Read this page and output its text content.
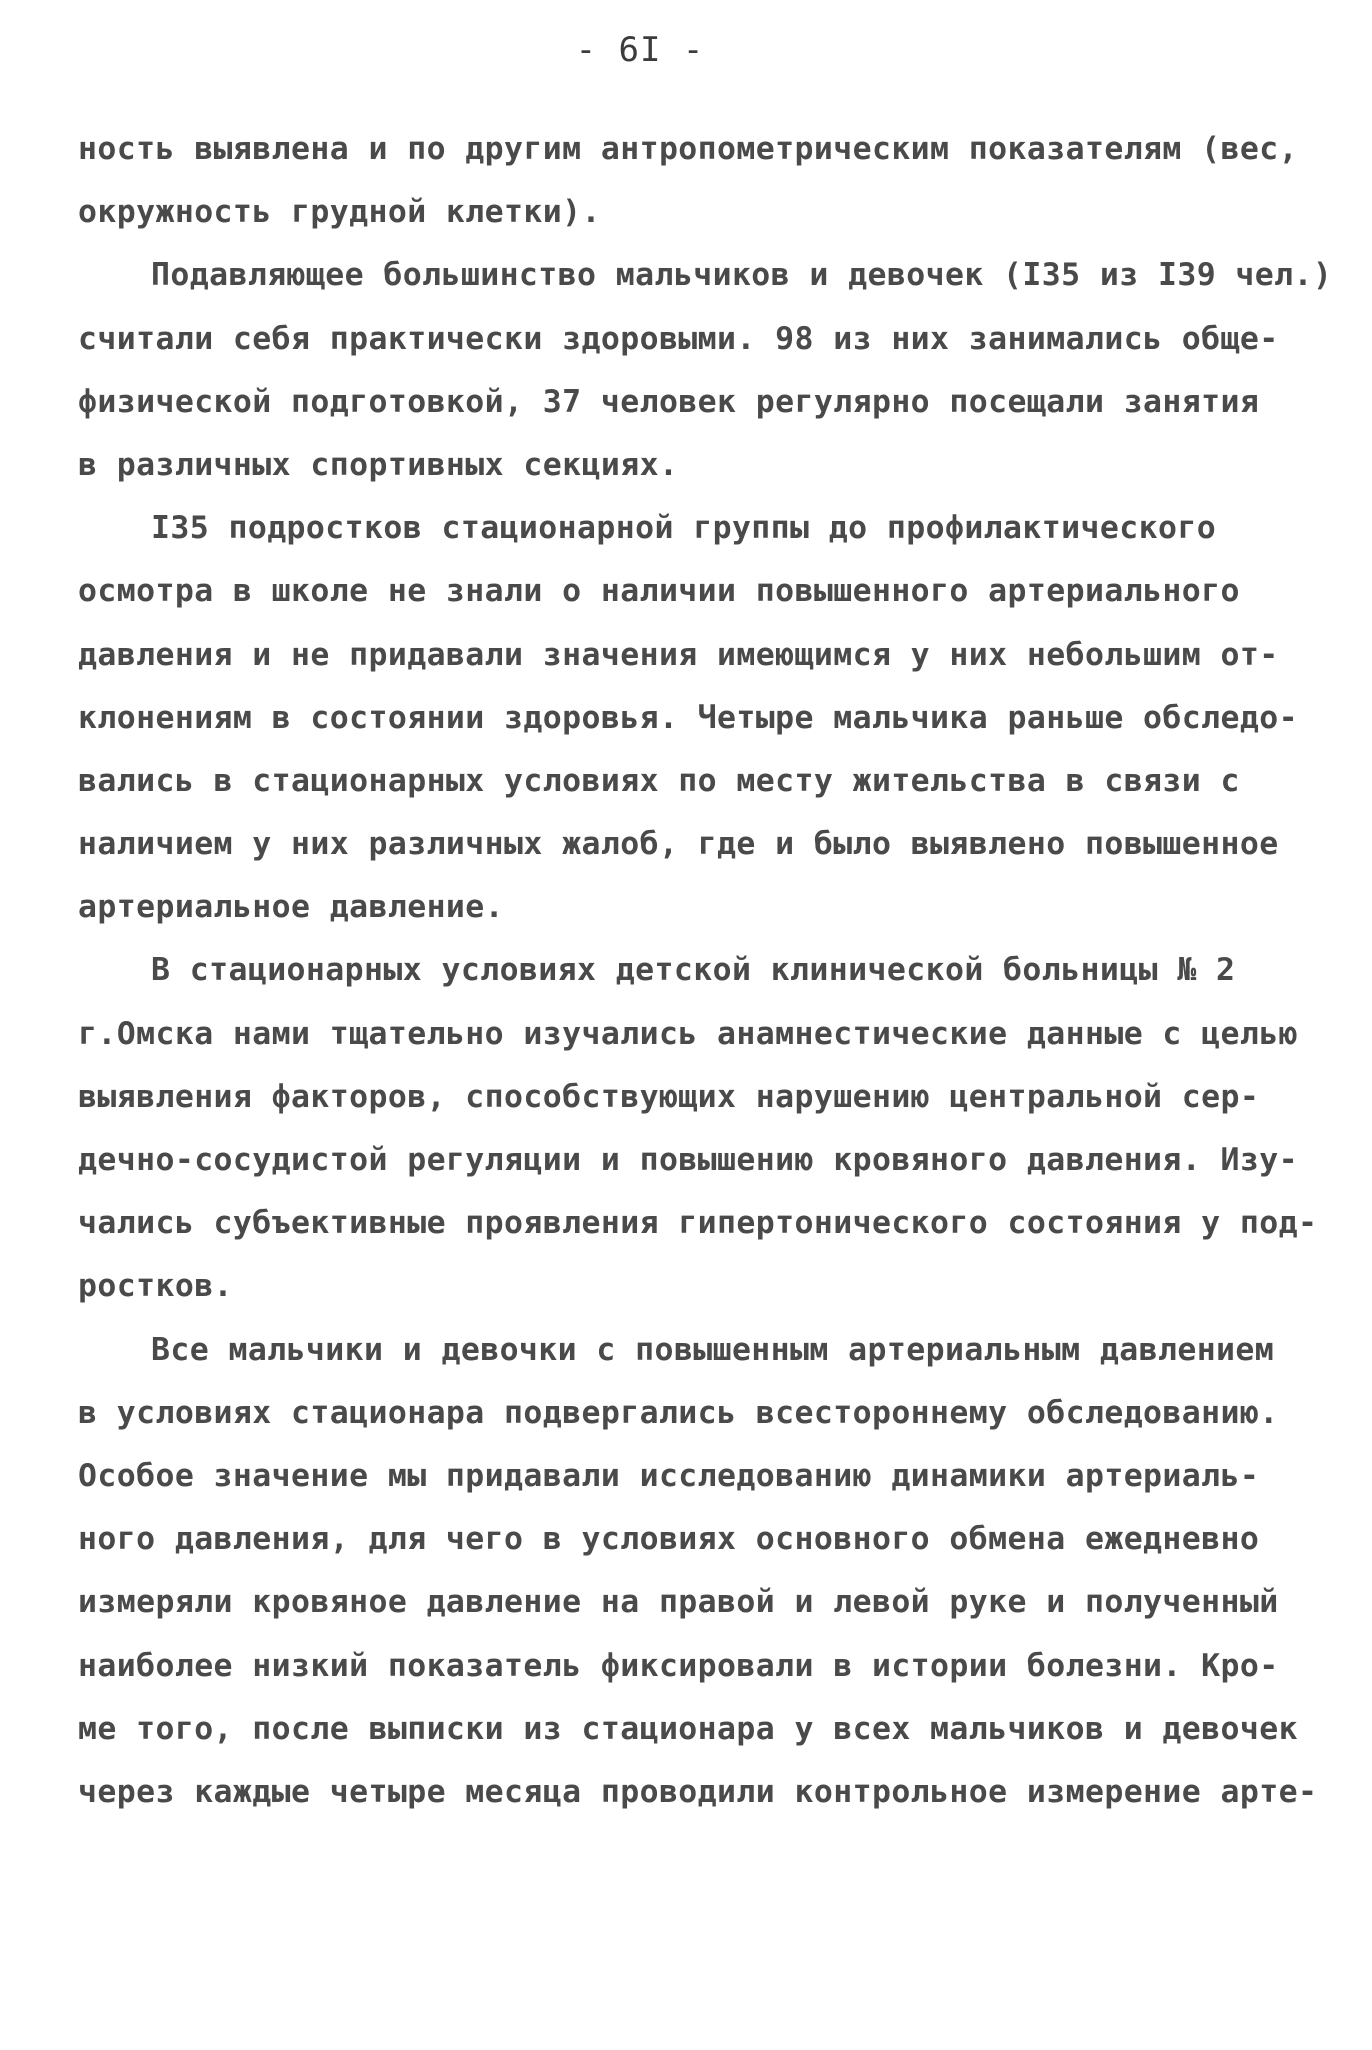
- 6I -
ность выявлена и по другим антропометрическим показателям (вес,
окружность грудной клетки).
Подавляющее большинство мальчиков и девочек (I35 из I39 чел.)
считали себя практически здоровыми. 98 из них занимались обще-
физической подготовкой, 37 человек регулярно посещали занятия
в различных спортивных секциях.
I35 подростков стационарной группы до профилактического
осмотра в школе не знали о наличии повышенного артериального
давления и не придавали значения имеющимся у них небольшим от-
клонениям в состоянии здоровья. Четыре мальчика раньше обследо-
вались в стационарных условиях по месту жительства в связи с
наличием у них различных жалоб, где и было выявлено повышенное
артериальное давление.
В стационарных условиях детской клинической больницы № 2
г.Омска нами тщательно изучались анамнестические данные с целью
выявления факторов, способствующих нарушению центральной сер-
дечно-сосудистой регуляции и повышению кровяного давления. Изу-
чались субъективные проявления гипертонического состояния у под-
ростков.
Все мальчики и девочки с повышенным артериальным давлением
в условиях стационара подвергались всестороннему обследованию.
Особое значение мы придавали исследованию динамики артериаль-
ного давления, для чего в условиях основного обмена ежедневно
измеряли кровяное давление на правой и левой руке и полученный
наиболее низкий показатель фиксировали в истории болезни. Кро-
ме того, после выписки из стационара у всех мальчиков и девочек
через каждые четыре месяца проводили контрольное измерение арте-
